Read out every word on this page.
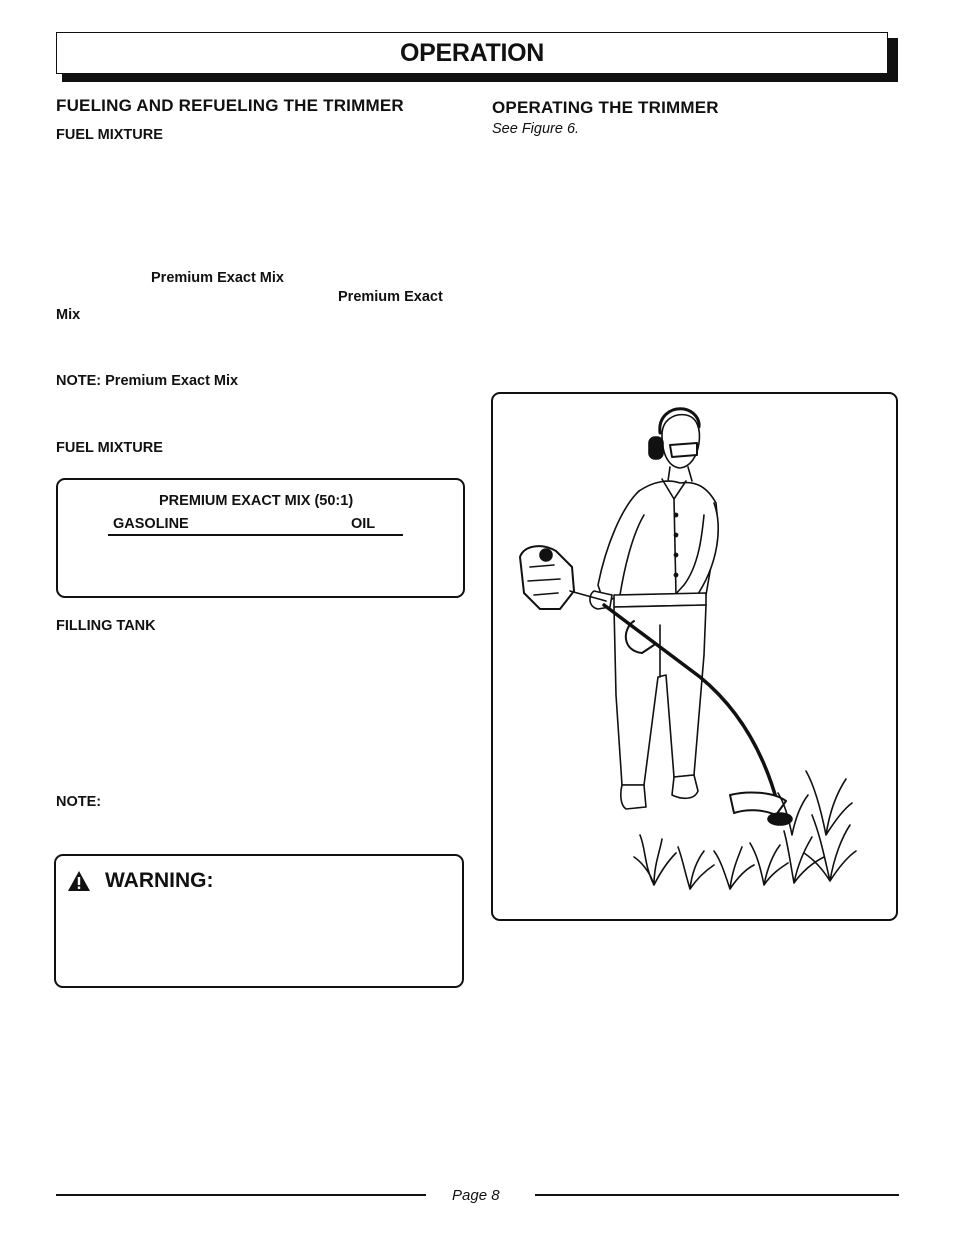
OPERATION
FUELING AND REFUELING THE TRIMMER
FUEL MIXTURE
Premium Exact Mix
Premium Exact
Mix
NOTE: Premium Exact Mix
FUEL MIXTURE
PREMIUM EXACT MIX (50:1)
GASOLINE	OIL
FILLING TANK
NOTE:
WARNING:
OPERATING THE TRIMMER
See Figure 6.
Page 8
